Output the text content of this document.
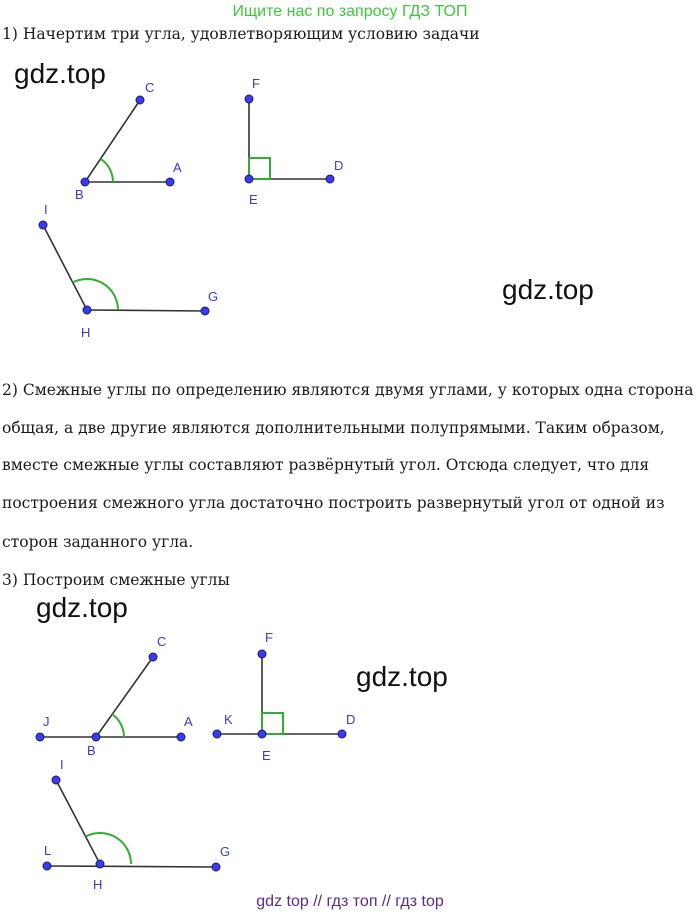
Ищите нас по запросу ГДЗ ТОП
1) Начертим три угла, удовлетворяющим условию задачи
gdz.top
B
A
C
E
D
F
H
G
I
gdz.top

2) Смежные углы по определению являются двумя углами, у которых одна сторона

общая, а две другие являются дополнительными полупрямыми. Таким образом,

вместе смежные углы составляют развёрнутый угол. Отсюда следует, что для

построения смежного угла достаточно построить развернутый угол от одной из

сторон заданного угла.

3) Построим смежные углы
gdz.top
B
J	A
C
E
K	D
F
H
L	G
I
gdz.top
gdz top // гдз топ // гдз top
